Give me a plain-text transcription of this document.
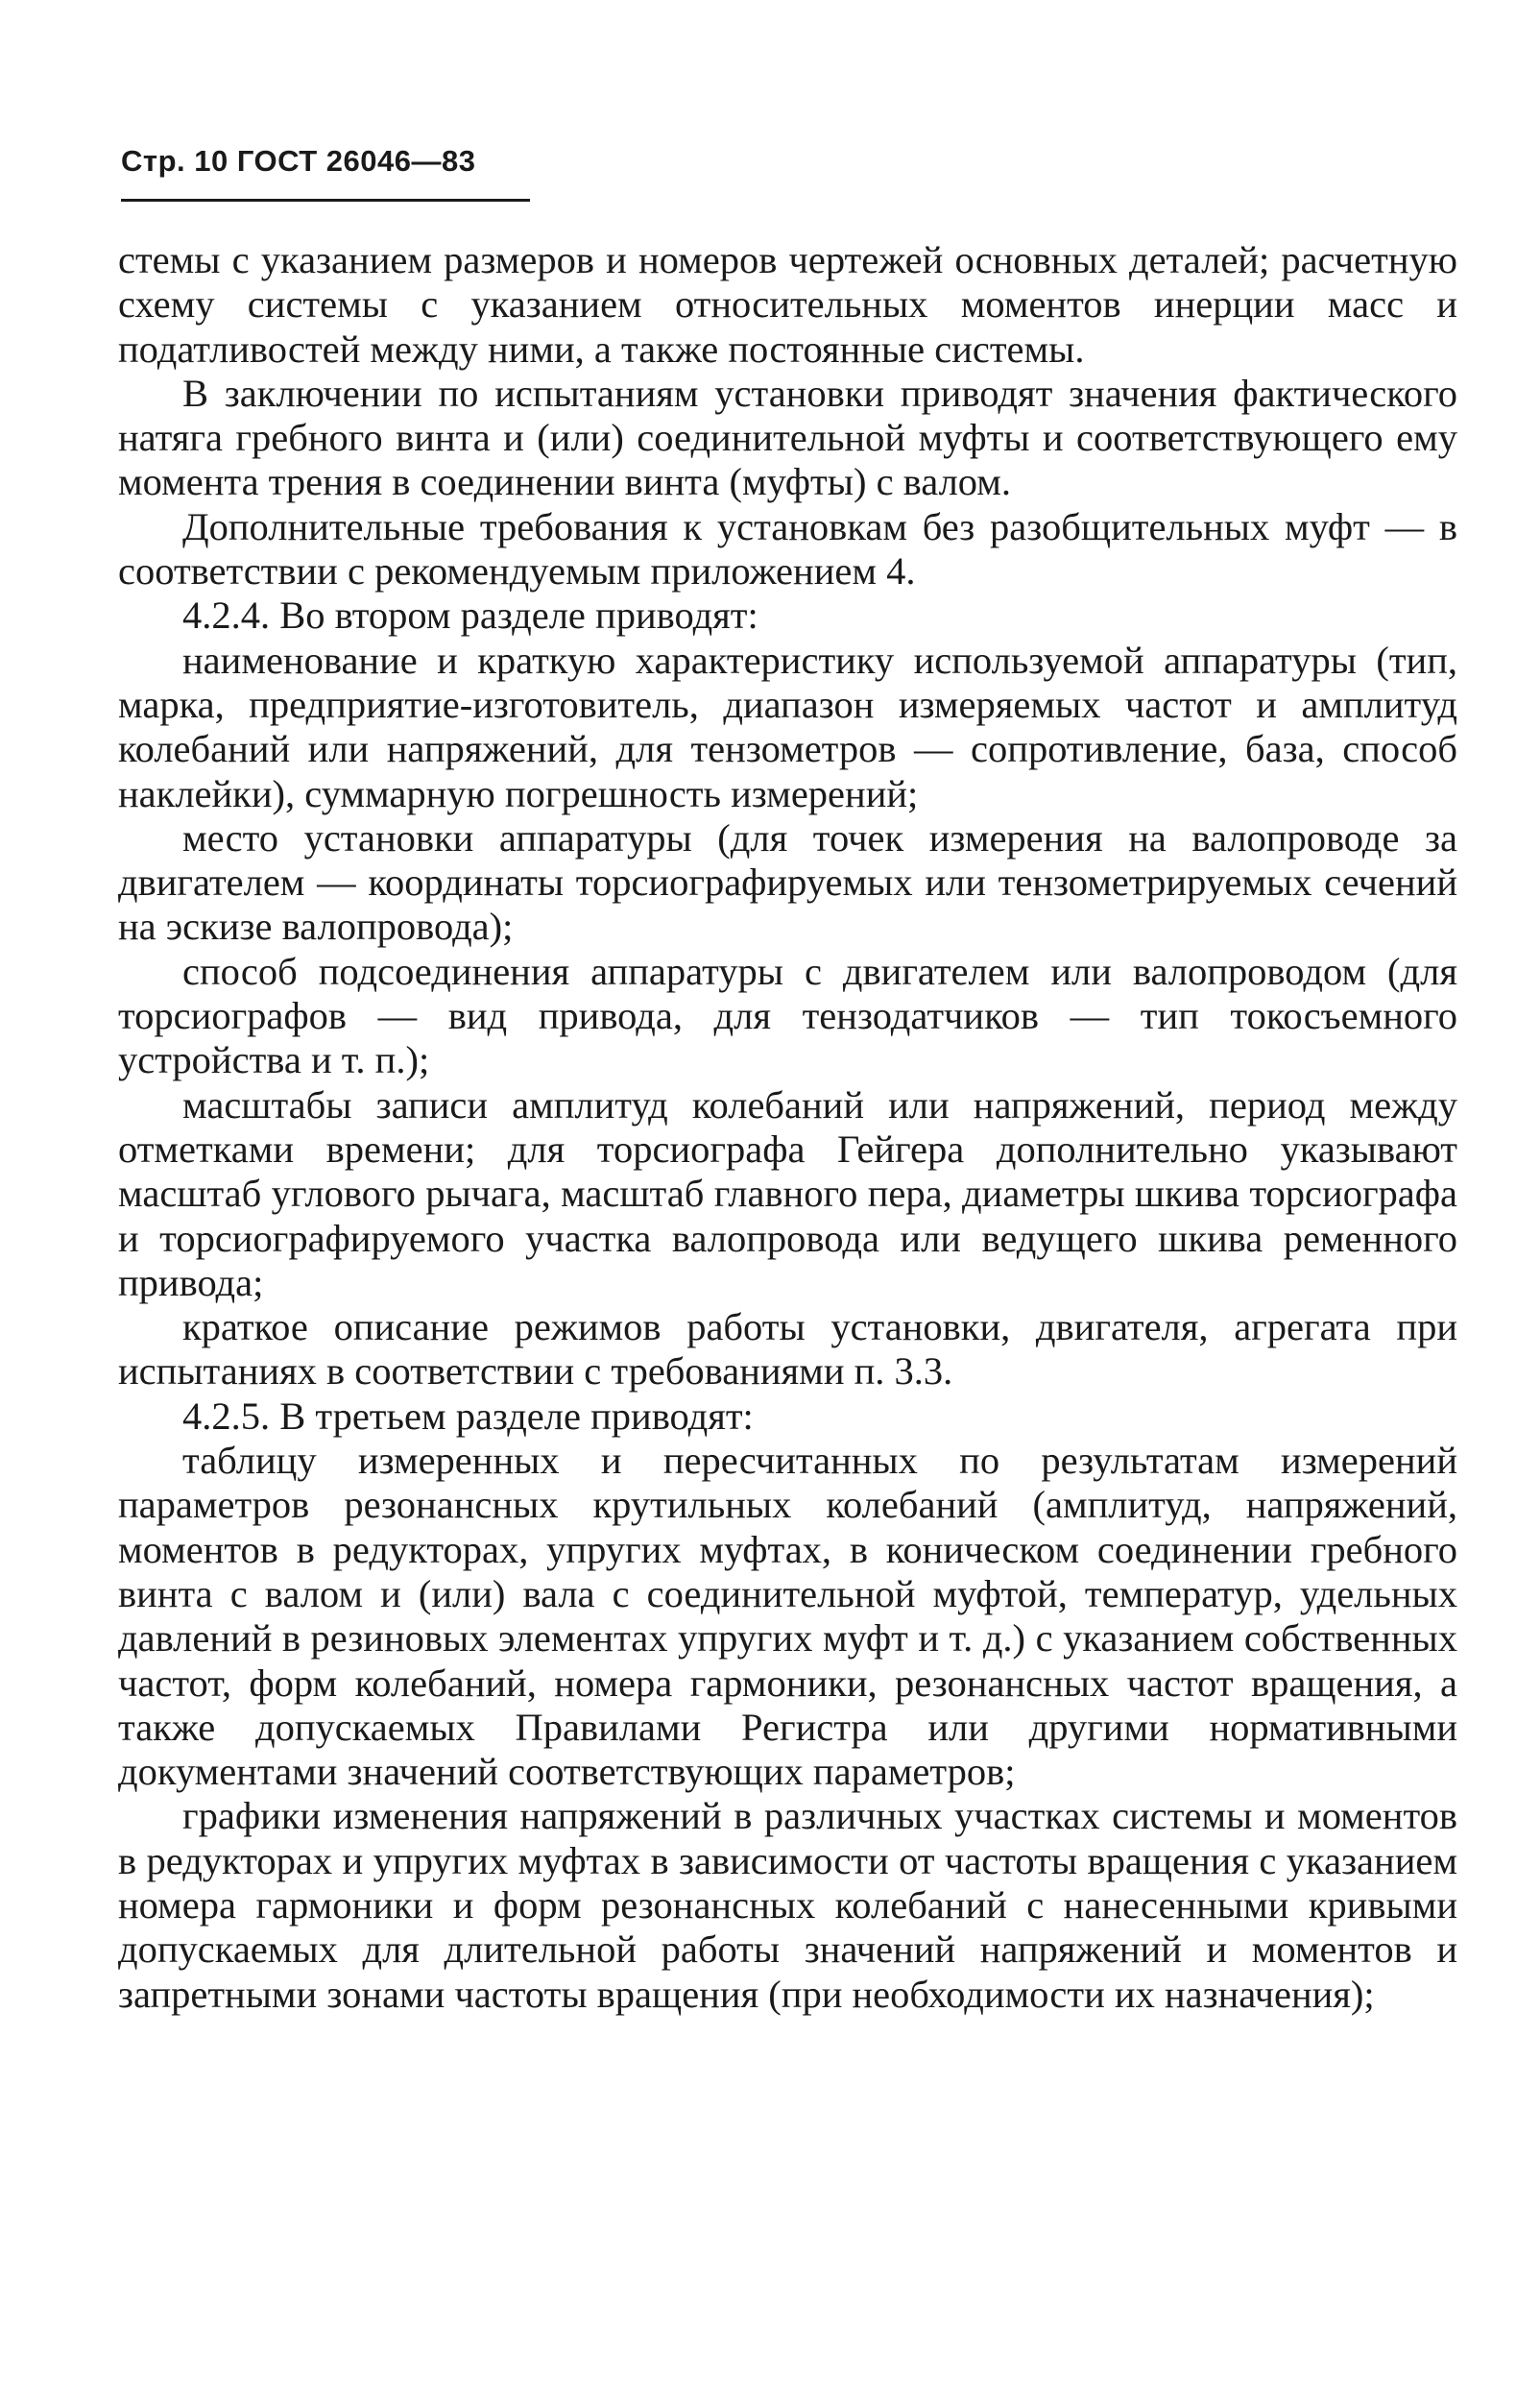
Стр. 10 ГОСТ 26046—83

стемы с указанием размеров и номеров чертежей основных деталей; расчетную схему системы с указанием относительных моментов инерции масс и податливостей между ними, а также постоянные системы.

В заключении по испытаниям установки приводят значения фактического натяга гребного винта и (или) соединительной муфты и соответствующего ему момента трения в соединении винта (муфты) с валом.

Дополнительные требования к установкам без разобщительных муфт — в соответствии с рекомендуемым приложением 4.

4.2.4. Во втором разделе приводят:

наименование и краткую характеристику используемой аппаратуры (тип, марка, предприятие-изготовитель, диапазон измеряемых частот и амплитуд колебаний или напряжений, для тензометров — сопротивление, база, способ наклейки), суммарную погрешность измерений;

место установки аппаратуры (для точек измерения на валопроводе за двигателем — координаты торсиографируемых или тензометрируемых сечений на эскизе валопровода);

способ подсоединения аппаратуры с двигателем или валопроводом (для торсиографов — вид привода, для тензодатчиков — тип токосъемного устройства и т. п.);

масштабы записи амплитуд колебаний или напряжений, период между отметками времени; для торсиографа Гейгера дополнительно указывают масштаб углового рычага, масштаб главного пера, диаметры шкива торсиографа и торсиографируемого участка валопровода или ведущего шкива ременного привода;

краткое описание режимов работы установки, двигателя, агрегата при испытаниях в соответствии с требованиями п. 3.3.

4.2.5. В третьем разделе приводят:

таблицу измеренных и пересчитанных по результатам измерений параметров резонансных крутильных колебаний (амплитуд, напряжений, моментов в редукторах, упругих муфтах, в коническом соединении гребного винта с валом и (или) вала с соединительной муфтой, температур, удельных давлений в резиновых элементах упругих муфт и т. д.) с указанием собственных частот, форм колебаний, номера гармоники, резонансных частот вращения, а также допускаемых Правилами Регистра или другими нормативными документами значений соответствующих параметров;

графики изменения напряжений в различных участках системы и моментов в редукторах и упругих муфтах в зависимости от частоты вращения с указанием номера гармоники и форм резонансных колебаний с нанесенными кривыми допускаемых для длительной работы значений напряжений и моментов и запретными зонами частоты вращения (при необходимости их назначения);
